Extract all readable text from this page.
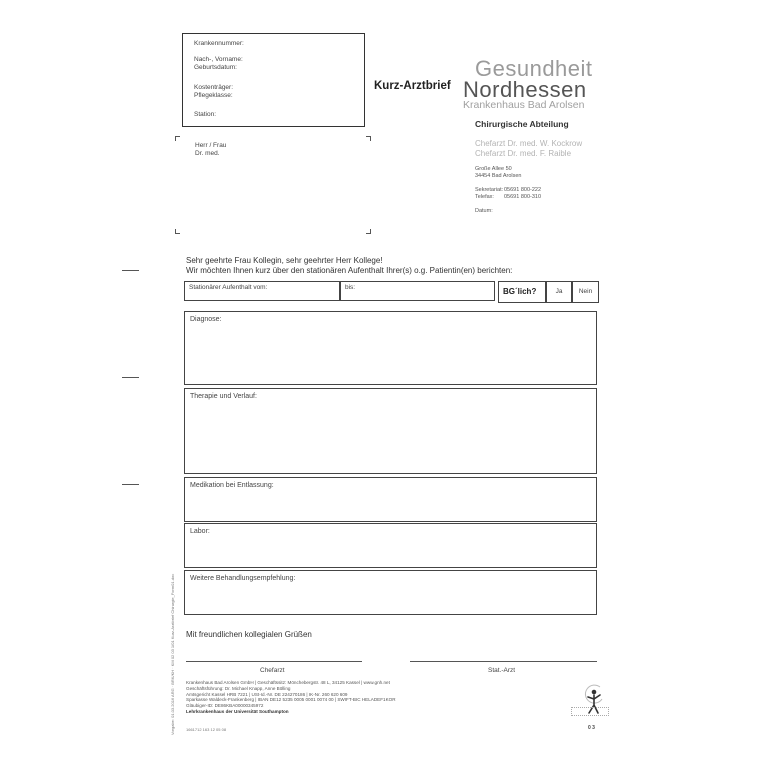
Krankennummer:
Nach-, Vorname:
Geburtsdatum:
Kostenträger:
Pflegeklasse:
Station:
Herr / Frau
Dr. med.
Kurz-Arztbrief
Gesundheit
Nordhessen
Krankenhaus Bad Arolsen
Chirurgische Abteilung
Chefarzt Dr. med. W. Kockrow
Chefarzt Dr. med. F. Raible
Große Allee 50
34454 Bad Arolsen
Sekretariat: 05691 800-222
Telefax: 05691 800-310
Datum:
Sehr geehrte Frau Kollegin, sehr geehrter Herr Kollege!
Wir möchten Ihnen kurz über den stationären Aufenthalt Ihrer(s) o.g. Patientin(en) berichten:
Stationärer Aufenthalt vom:	bis:	BG´lich?	Ja	Nein
Diagnose:
Therapie und Verlauf:
Medikation bei Entlassung:
Labor:
Weitere Behandlungsempfehlung:
Mit freundlichen kollegialen Grüßen
Chefarzt	Stat.-Arzt
Krankenhaus Bad Arolsen GmbH | Geschäftssitz: Mönchebergstr. 48 L, 34125 Kassel | www.gnh.net
Geschäftsführung: Dr. Michael Knapp, Anne Bölling
Amtsgericht Kassel HRB 7221 | USt-Id.-Nr. DE 224270186 | IK-Nr. 260 620 609
Sparkasse Waldeck-Frankenberg | IBAN DE12 5235 0005 0001 0074 00 | SWIFT-BIC HELADEF1KOR
Gläubiger-ID: DE86KBA00000345972
Lehrkrankenhaus der Universität Southampton
1661712 163 12 05 08
Vorgabe: 01.03.2016 ARG · BRK/KH · KM 02 03 1/01 Kurz-Arztbrief Chirurgie_Form01.doc	0 3
